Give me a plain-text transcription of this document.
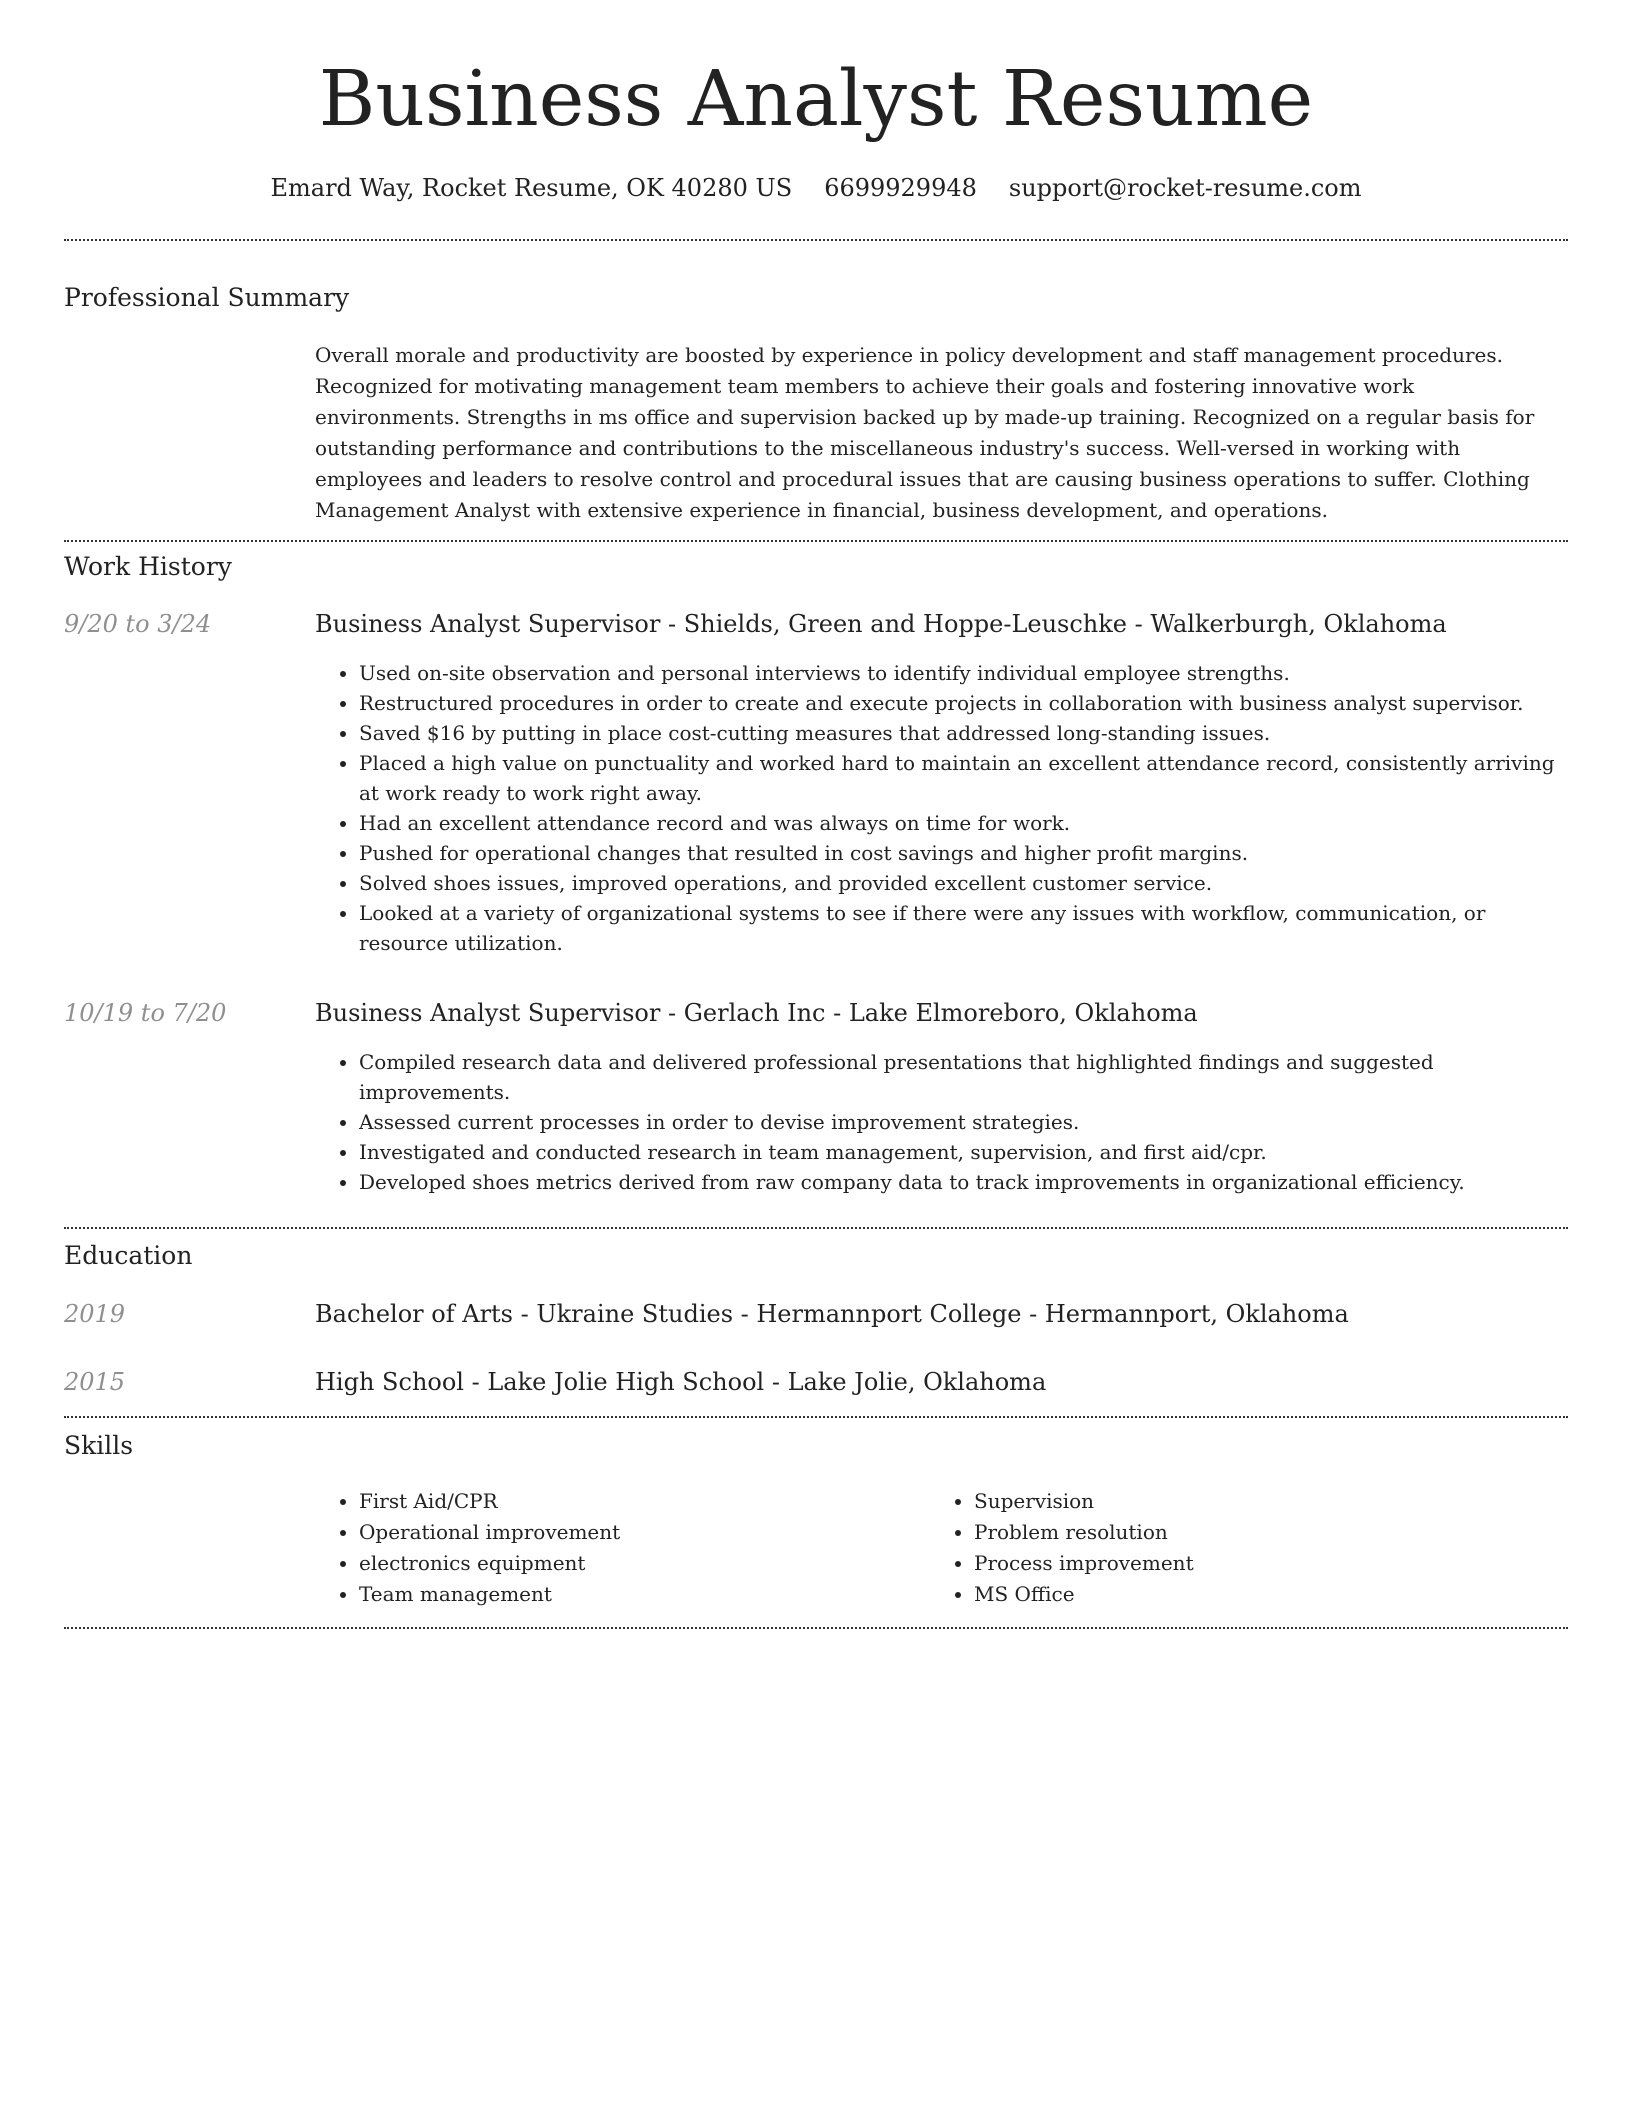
Business Analyst Resume
Emard Way, Rocket Resume, OK 40280 US 6699929948 support@rocket-resume.com
Professional Summary

Overall morale and productivity are boosted by experience in policy development and staff management procedures. Recognized for motivating management team members to achieve their goals and fostering innovative work environments. Strengths in ms office and supervision backed up by made-up training. Recognized on a regular basis for outstanding performance and contributions to the miscellaneous industry's success. Well-versed in working with employees and leaders to resolve control and procedural issues that are causing business operations to suffer. Clothing Management Analyst with extensive experience in financial, business development, and operations.

Work History
9/20 to 3/24	Business Analyst Supervisor - Shields, Green and Hoppe-Leuschke - Walkerburgh, Oklahoma
• Used on-site observation and personal interviews to identify individual employee strengths.
• Restructured procedures in order to create and execute projects in collaboration with business analyst supervisor.
• Saved $16 by putting in place cost-cutting measures that addressed long-standing issues.
• Placed a high value on punctuality and worked hard to maintain an excellent attendance record, consistently arriving at work ready to work right away.
• Had an excellent attendance record and was always on time for work.
• Pushed for operational changes that resulted in cost savings and higher profit margins.
• Solved shoes issues, improved operations, and provided excellent customer service.
• Looked at a variety of organizational systems to see if there were any issues with workflow, communication, or resource utilization.
10/19 to 7/20	Business Analyst Supervisor - Gerlach Inc - Lake Elmoreboro, Oklahoma
• Compiled research data and delivered professional presentations that highlighted findings and suggested improvements.
• Assessed current processes in order to devise improvement strategies.
• Investigated and conducted research in team management, supervision, and first aid/cpr.
• Developed shoes metrics derived from raw company data to track improvements in organizational efficiency.
Education
2019	Bachelor of Arts - Ukraine Studies - Hermannport College - Hermannport, Oklahoma
2015	High School - Lake Jolie High School - Lake Jolie, Oklahoma
Skills
• First Aid/CPR
• Operational improvement
• electronics equipment
• Team management
• Supervision
• Problem resolution
• Process improvement
• MS Office
